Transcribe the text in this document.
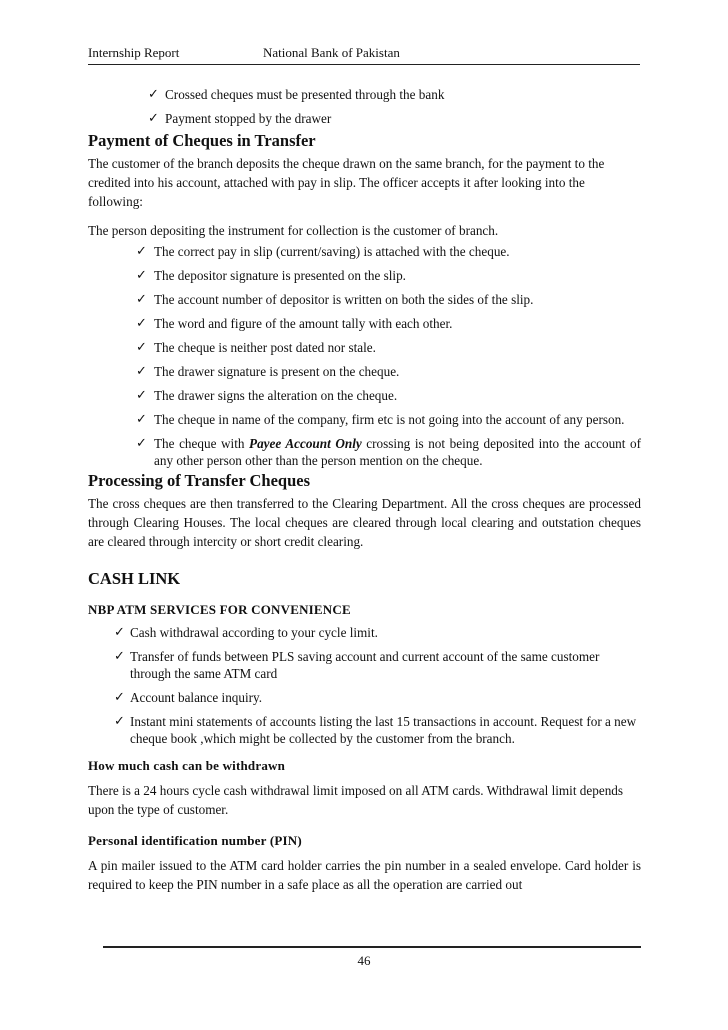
Internship Report	National Bank of Pakistan
✓ Crossed cheques must be presented through the bank
✓ Payment stopped by the drawer
Payment of Cheques in Transfer

The customer of the branch deposits the cheque drawn on the same branch, for the payment to the credited into his account, attached with pay in slip. The officer accepts it after looking into the following:

The person depositing the instrument for collection is the customer of branch.

✓ The correct pay in slip (current/saving) is attached with the cheque.
✓ The depositor signature is presented on the slip.
✓ The account number of depositor is written on both the sides of the slip.
✓ The word and figure of the amount tally with each other.
✓ The cheque is neither post dated nor stale.
✓ The drawer signature is present on the cheque.
✓ The drawer signs the alteration on the cheque.
✓ The cheque in name of the company, firm etc is not going into the account of any person.
✓ The cheque with Payee Account Only crossing is not being deposited into the account of any other person other than the person mention on the cheque.
Processing of Transfer Cheques

The cross cheques are then transferred to the Clearing Department. All the cross cheques are processed through Clearing Houses. The local cheques are cleared through local clearing and outstation cheques are cleared through intercity or short credit clearing.

CASH LINK
NBP ATM SERVICES FOR CONVENIENCE
✓ Cash withdrawal according to your cycle limit.
✓ Transfer of funds between PLS saving account and current account of the same customer through the same ATM card
✓ Account balance inquiry.
✓ Instant mini statements of accounts listing the last 15 transactions in account. Request for a new cheque book ,which might be collected by the customer from the branch.
How much cash can be withdrawn

There is a 24 hours cycle cash withdrawal limit imposed on all ATM cards. Withdrawal limit depends upon the type of customer.

Personal identification number (PIN)

A pin mailer issued to the ATM card holder carries the pin number in a sealed envelope. Card holder is required to keep the PIN number in a safe place as all the operation are carried out

46
